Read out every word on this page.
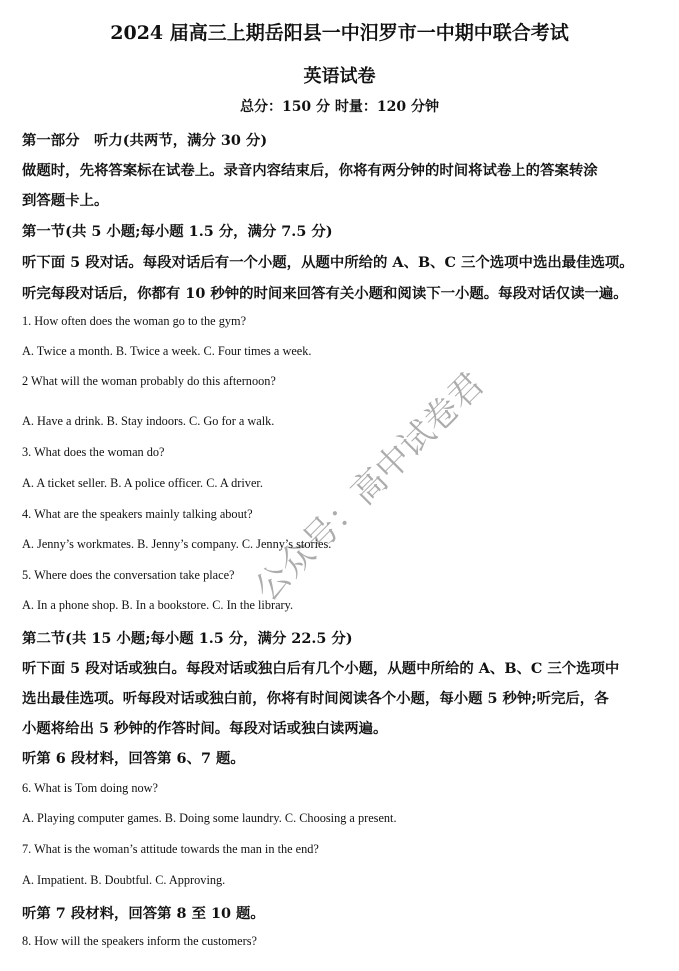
2024 届高三上期岳阳县一中汨罗市一中期中联合考试
英语试卷
总分：150 分 时量：120 分钟
第一部分　听力(共两节，满分 30 分)
做题时，先将答案标在试卷上。录音内容结束后，你将有两分钟的时间将试卷上的答案转涂
到答题卡上。
第一节(共 5 小题;每小题 1.5 分，满分 7.5 分)
听下面 5 段对话。每段对话后有一个小题，从题中所给的 A、B、C 三个选项中选出最佳选项。
听完每段对话后，你都有 10 秒钟的时间来回答有关小题和阅读下一小题。每段对话仅读一遍。
1. How often does the woman go to the gym?
A. Twice a month. B. Twice a week. C. Four times a week.
2 What will the woman probably do this afternoon?
A. Have a drink. B. Stay indoors. C. Go for a walk.
3. What does the woman do?
A. A ticket seller. B. A police officer. C. A driver.
4. What are the speakers mainly talking about?
A. Jenny’s workmates. B. Jenny’s company. C. Jenny’s stories.
5. Where does the conversation take place?
A. In a phone shop. B. In a bookstore. C. In the library.
第二节(共 15 小题;每小题 1.5 分，满分 22.5 分)
听下面 5 段对话或独白。每段对话或独白后有几个小题，从题中所给的 A、B、C 三个选项中
选出最佳选项。听每段对话或独白前，你将有时间阅读各个小题，每小题 5 秒钟;听完后，各
小题将给出 5 秒钟的作答时间。每段对话或独白读两遍。
听第 6 段材料，回答第 6、7 题。
6. What is Tom doing now?
A. Playing computer games. B. Doing some laundry. C. Choosing a present.
7. What is the woman’s attitude towards the man in the end?
A. Impatient. B. Doubtful. C. Approving.
听第 7 段材料，回答第 8 至 10 题。
8. How will the speakers inform the customers?
公众号：高中试卷君
